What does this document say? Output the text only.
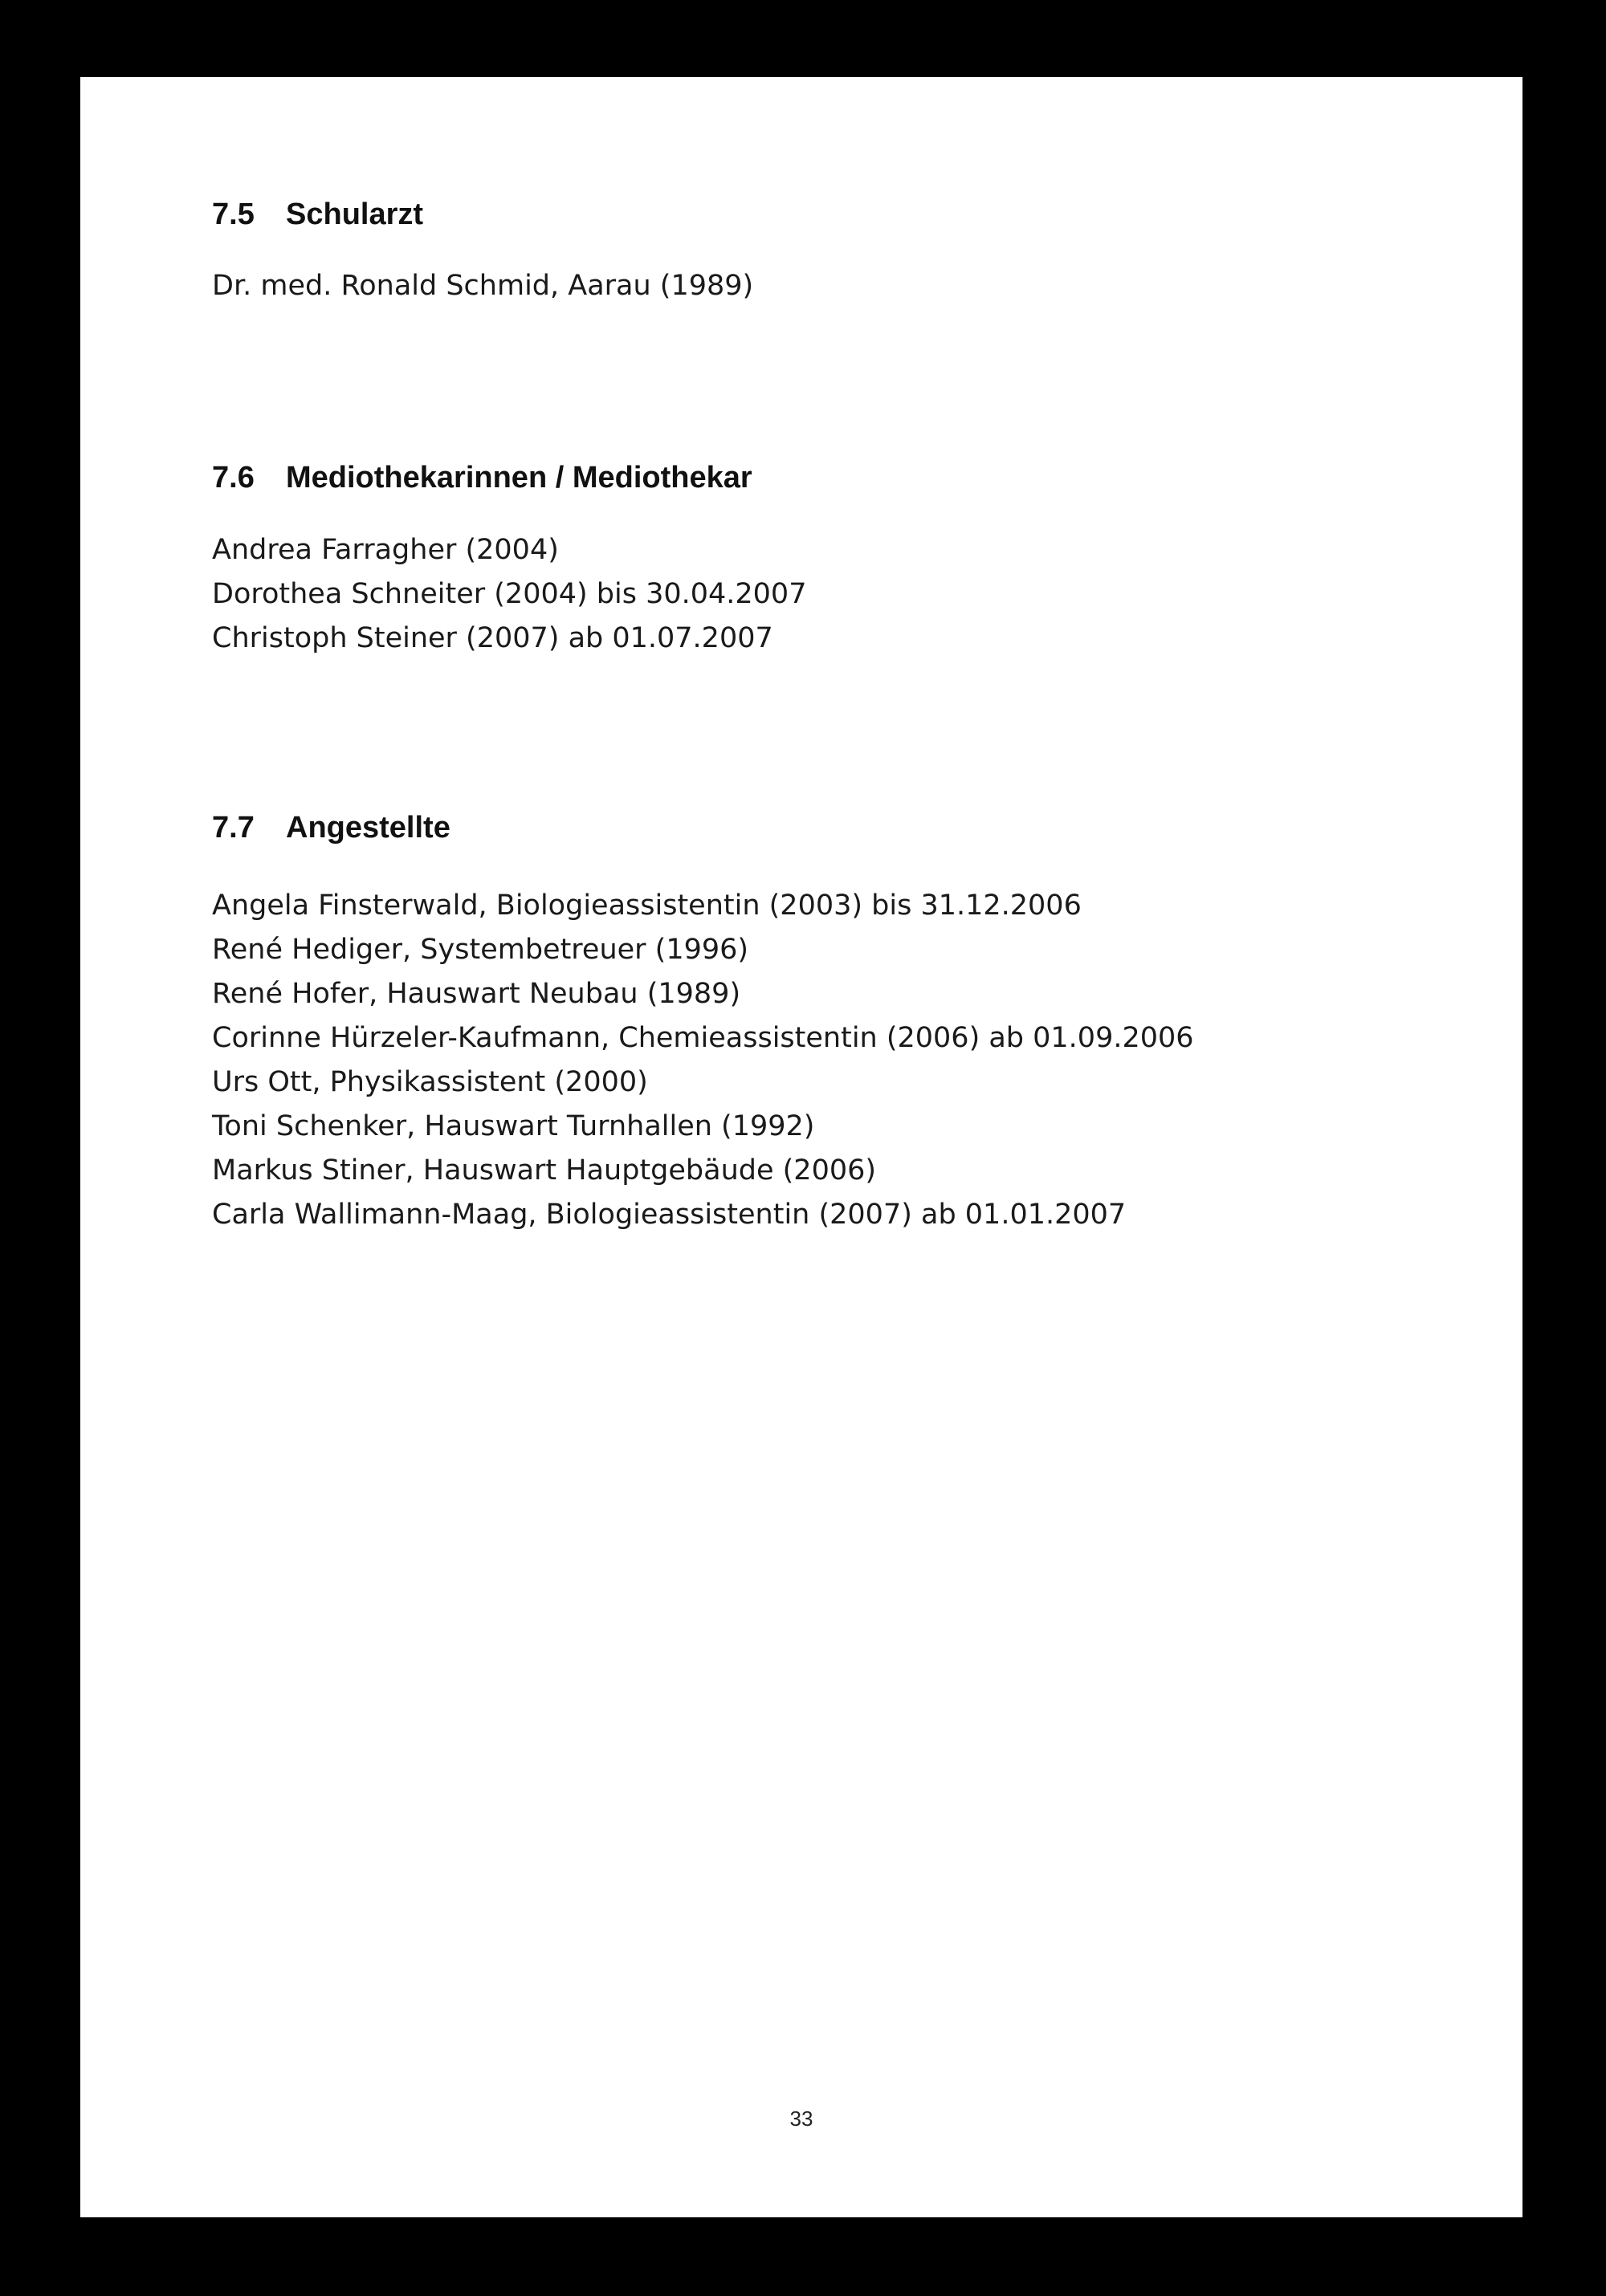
7.5 Schularzt
Dr. med. Ronald Schmid, Aarau (1989)
7.6 Mediothekarinnen / Mediothekar
Andrea Farragher (2004)
Dorothea Schneiter (2004) bis 30.04.2007
Christoph Steiner (2007) ab 01.07.2007
7.7 Angestellte
Angela Finsterwald, Biologieassistentin (2003) bis 31.12.2006
René Hediger, Systembetreuer (1996)
René Hofer, Hauswart Neubau (1989)
Corinne Hürzeler-Kaufmann, Chemieassistentin (2006) ab 01.09.2006
Urs Ott, Physikassistent (2000)
Toni Schenker, Hauswart Turnhallen (1992)
Markus Stiner, Hauswart Hauptgebäude (2006)
Carla Wallimann-Maag, Biologieassistentin (2007) ab 01.01.2007
33
